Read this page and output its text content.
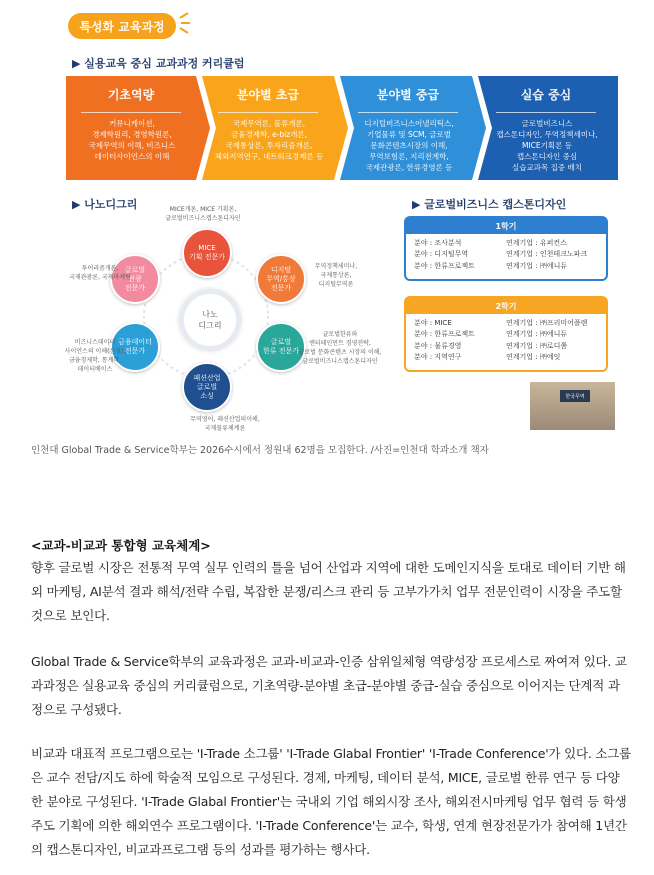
특성화 교육과정
▶ 실용교육 중심 교과과정 커리큘럼
기초역량
커뮤니케이션,
경제학원리, 경영학원론,
국제무역의 이해, 비즈니스
데이터사이언스의 이해
분야별 초급
국제무역론, 물류개론,
금융경제학, e-biz개론,
국제통상론, 투자리즘개론,
체외지역연구, 네트워크경제론 등
분야별 중급
디지털비즈니스어낼리틱스,
기업물류 및 SCM, 글로벌
문화콘텐츠시장의 이해,
무역보험론, 지리전계학,
국제관광론, 한류경영론 등
실습 중심
글로벌비즈니스
캡스톤디자인, 무역정책세미나,
MICE기획론 등
캡스톤디자인 중심
실습교과목 집중 배치
▶ 나노디그리	▶ 글로벌비즈니스 캡스톤디자인
나노
디그리
MICE
기획 전문가
MICE개론, MICE 기획론,
글로벌비즈니스캡스톤디자인
디지털
무역/통상
전문가
무역정책세미나,
국제통상론,
디지털무역론
글로벌
한류 전문가
글로벌한류와
엔터테인먼트 경영전략,
글로벌 문화콘텐츠 시장의 이해,
글로벌비즈니스캡스톤디자인
패션산업
글로벌
소싱
무역영어, 패션산업의이해,
국제물류체계론
금융데이터
전문가
비즈니스데이터
사이언스의 이해(신설),
금융경제학, 통계학,
데이터베이스
글로벌
관광
전문가
투어리즘개론,
국제관광론, 국제마케팅
1학기
분야 : 조사분석	연계기업 : 유퍼컨스
분야 : 디지털무역	연계기업 : 인천테크노파크
분야 : 한류프로젝트	연계기업 : ㈜에니듀
2학기
분야 : MICE	연계기업 : ㈜프리미어플랜
분야 : 한류프로젝트	연계기업 : ㈜에니듀
분야 : 물류경영	연계기업 : ㈜로디쯤
분야 : 지역연구	연계기업 : ㈜에잇
한국무역
인천대 Global Trade & Service학부는 2026수시에서 정원내 62명을 모집한다. /사진=인천대 학과소개 책자
<교과-비교과 통합형 교육체계>
향후 글로벌 시장은 전통적 무역 실무 인력의 틀을 넘어 산업과 지역에 대한 도메인지식을 토대로 데이터 기반 해외 마케팅, AI분석 결과 해석/전략 수립, 복잡한 분쟁/리스크 관리 등 고부가가치 업무 전문인력이 시장을 주도할 것으로 보인다.
Global Trade & Service학부의 교육과정은 교과-비교과-인증 삼위일체형 역량성장 프로세스로 짜여져 있다. 교과과정은 실용교육 중심의 커리큘럼으로, 기초역량-분야별 초급-분야별 중급-실습 중심으로 이어지는 단계적 과정으로 구성됐다.
비교과 대표적 프로그램으로는 'I-Trade 소그룹' 'I-Trade Glabal Frontier' 'I-Trade Conference'가 있다. 소그룹은 교수 전담/지도 하에 학술적 모임으로 구성된다. 경제, 마케팅, 데이터 분석, MICE, 글로벌 한류 연구 등 다양한 분야로 구성된다. 'I-Trade Glabal Frontier'는 국내외 기업 해외시장 조사, 해외전시마케팅 업무 협력 등 학생주도 기획에 의한 해외연수 프로그램이다. 'I-Trade Conference'는 교수, 학생, 연계 현장전문가가 참여해 1년간의 캡스톤디자인, 비교과프로그램 등의 성과를 평가하는 행사다.
